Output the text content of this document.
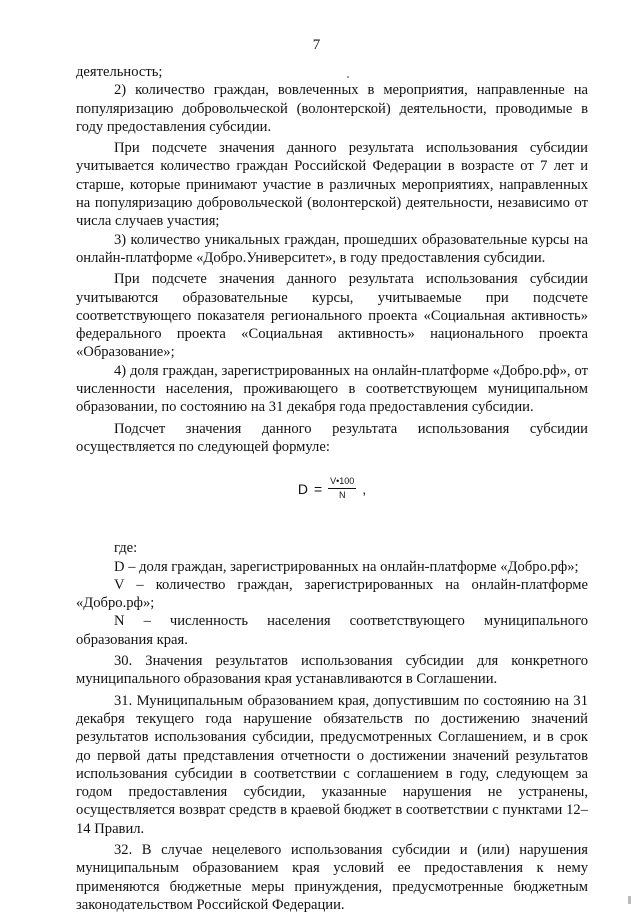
7

деятельность;

2) количество граждан, вовлеченных в мероприятия, направленные на популяризацию добровольческой (волонтерской) деятельности, проводимые в году предоставления субсидии.

При подсчете значения данного результата использования субсидии учитывается количество граждан Российской Федерации в возрасте от 7 лет и старше, которые принимают участие в различных мероприятиях, направленных на популяризацию добровольческой (волонтерской) деятельности, независимо от числа случаев участия;

3) количество уникальных граждан, прошедших образовательные курсы на онлайн-платформе «Добро.Университет», в году предоставления субсидии.

При подсчете значения данного результата использования субсидии учитываются образовательные курсы, учитываемые при подсчете соответствующего показателя регионального проекта «Социальная активность» федерального проекта «Социальная активность» национального проекта «Образование»;

4) доля граждан, зарегистрированных на онлайн-платформе «Добро.рф», от численности населения, проживающего в соответствующем муниципальном образовании, по состоянию на 31 декабря года предоставления субсидии.

Подсчет значения данного результата использования субсидии осуществляется по следующей формуле:

$D = \frac{V•100}{N}$ ,

где:

D – доля граждан, зарегистрированных на онлайн-платформе «Добро.рф»;

V – количество граждан, зарегистрированных на онлайн-платформе «Добро.рф»;

N – численность населения соответствующего муниципального образования края.

30. Значения результатов использования субсидии для конкретного муниципального образования края устанавливаются в Соглашении.

31. Муниципальным образованием края, допустившим по состоянию на 31 декабря текущего года нарушение обязательств по достижению значений результатов использования субсидии, предусмотренных Соглашением, и в срок до первой даты представления отчетности о достижении значений результатов использования субсидии в соответствии с соглашением в году, следующем за годом предоставления субсидии, указанные нарушения не устранены, осуществляется возврат средств в краевой бюджет в соответствии с пунктами 12–14 Правил.

32. В случае нецелевого использования субсидии и (или) нарушения муниципальным образованием края условий ее предоставления к нему применяются бюджетные меры принуждения, предусмотренные бюджетным законодательством Российской Федерации.
